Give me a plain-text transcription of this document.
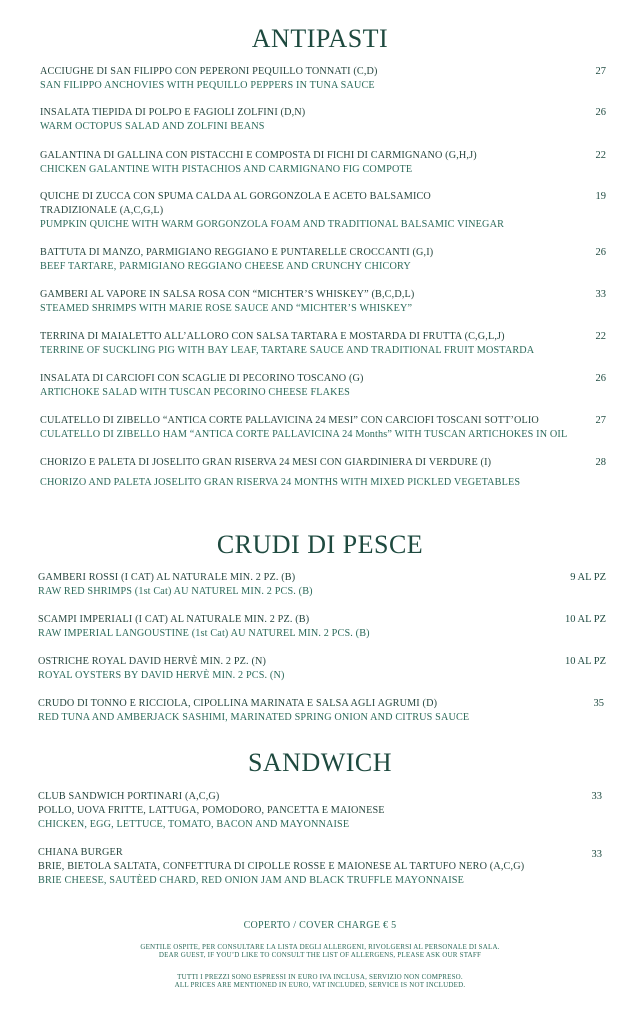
ANTIPASTI
ACCIUGHE DI SAN FILIPPO CON PEPERONI PEQUILLO TONNATI (C,D)
SAN FILIPPO ANCHOVIES WITH PEQUILLO PEPPERS IN TUNA SAUCE
27
INSALATA TIEPIDA DI POLPO E FAGIOLI ZOLFINI (D,N)
WARM OCTOPUS SALAD AND ZOLFINI BEANS
26
GALANTINA DI GALLINA CON PISTACCHI E COMPOSTA DI FICHI DI CARMIGNANO (G,H,J)
CHICKEN GALANTINE WITH PISTACHIOS AND CARMIGNANO FIG COMPOTE
22
QUICHE DI ZUCCA CON SPUMA CALDA AL GORGONZOLA E ACETO BALSAMICO
TRADIZIONALE (A,C,G,L)
PUMPKIN QUICHE WITH WARM GORGONZOLA FOAM AND TRADITIONAL BALSAMIC VINEGAR
19
BATTUTA DI MANZO, PARMIGIANO REGGIANO E PUNTARELLE CROCCANTI (G,I)
BEEF TARTARE, PARMIGIANO REGGIANO CHEESE AND CRUNCHY CHICORY
26
GAMBERI AL VAPORE IN SALSA ROSA CON “MICHTER’S WHISKEY” (B,C,D,L)
STEAMED SHRIMPS WITH MARIE ROSE SAUCE AND “MICHTER’S WHISKEY”
33
TERRINA DI MAIALETTO ALL’ALLORO CON SALSA TARTARA E MOSTARDA DI FRUTTA (C,G,L,J)
TERRINE OF SUCKLING PIG WITH BAY LEAF, TARTARE SAUCE AND TRADITIONAL FRUIT MOSTARDA
22
INSALATA DI CARCIOFI CON SCAGLIE DI PECORINO TOSCANO (G)
ARTICHOKE SALAD WITH TUSCAN PECORINO CHEESE FLAKES
26
CULATELLO DI ZIBELLO “ANTICA CORTE PALLAVICINA 24 MESI” CON CARCIOFI TOSCANI SOTT’OLIO
CULATELLO DI ZIBELLO HAM “ANTICA CORTE PALLAVICINA 24 Months” WITH TUSCAN ARTICHOKES IN OIL
27
CHORIZO E PALETA DI JOSELITO GRAN RISERVA 24 MESI CON GIARDINIERA DI VERDURE (I)
CHORIZO AND PALETA JOSELITO GRAN RISERVA 24 MONTHS WITH MIXED PICKLED VEGETABLES
28
CRUDI DI PESCE
GAMBERI ROSSI (I CAT) AL NATURALE MIN. 2 PZ. (B)
RAW RED SHRIMPS (1st Cat) AU NATUREL MIN. 2 PCS. (B)
9 AL PZ
SCAMPI IMPERIALI (I CAT) AL NATURALE MIN. 2 PZ. (B)
RAW IMPERIAL LANGOUSTINE (1st Cat) AU NATUREL MIN. 2 PCS. (B)
10 AL PZ
OSTRICHE ROYAL DAVID HERVÈ MIN. 2 PZ. (N)
ROYAL OYSTERS BY DAVID HERVÈ MIN. 2 PCS. (N)
10 AL PZ
CRUDO DI TONNO E RICCIOLA, CIPOLLINA MARINATA E SALSA AGLI AGRUMI (D)
RED TUNA AND AMBERJACK SASHIMI, MARINATED SPRING ONION AND CITRUS SAUCE
35
SANDWICH
CLUB SANDWICH PORTINARI (A,C,G)
POLLO, UOVA FRITTE, LATTUGA, POMODORO, PANCETTA E MAIONESE
CHICKEN, EGG, LETTUCE, TOMATO, BACON AND MAYONNAISE
33
CHIANA BURGER
BRIE, BIETOLA SALTATA, CONFETTURA DI CIPOLLE ROSSE E MAIONESE AL TARTUFO NERO (A,C,G)
BRIE CHEESE, SAUTÈED CHARD, RED ONION JAM AND BLACK TRUFFLE MAYONNAISE
33
COPERTO / COVER CHARGE € 5
GENTILE OSPITE, PER CONSULTARE LA LISTA DEGLI ALLERGENI, RIVOLGERSI AL PERSONALE DI SALA.
DEAR GUEST, IF YOU’D LIKE TO CONSULT THE LIST OF ALLERGENS, PLEASE ASK OUR STAFF
TUTTI I PREZZI SONO ESPRESSI IN EURO IVA INCLUSA, SERVIZIO NON COMPRESO.
ALL PRICES ARE MENTIONED IN EURO, VAT INCLUDED, SERVICE IS NOT INCLUDED.
